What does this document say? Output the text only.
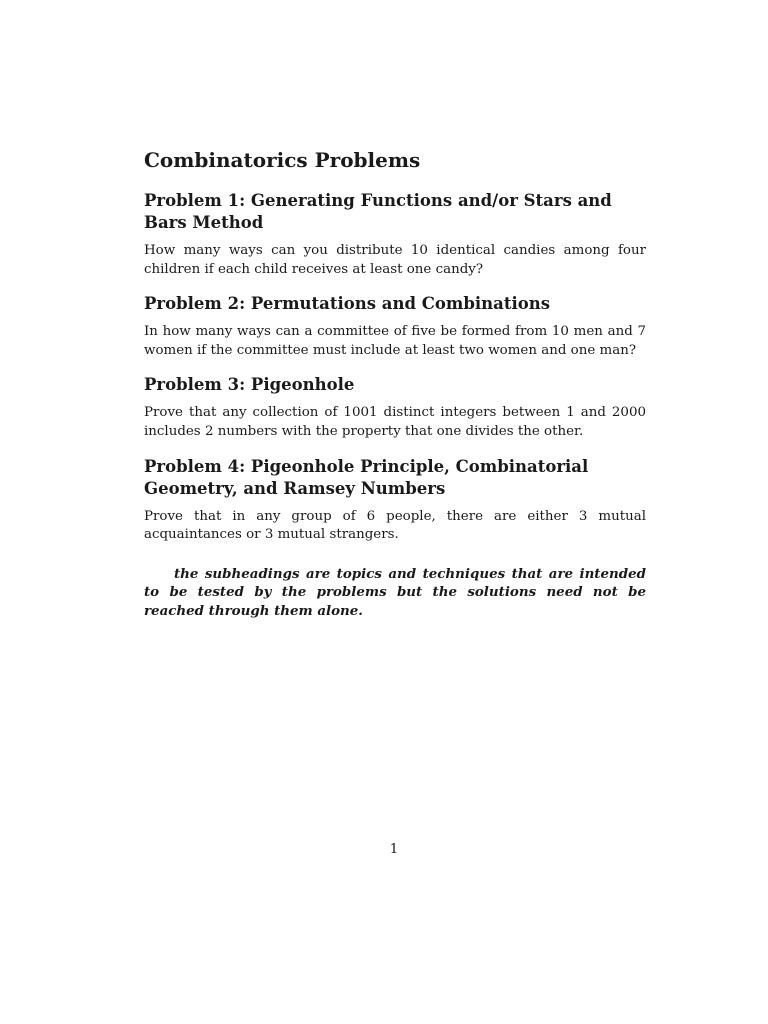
Combinatorics Problems
Problem 1: Generating Functions and/or Stars and Bars Method

How many ways can you distribute 10 identical candies among four children if each child receives at least one candy?

Problem 2: Permutations and Combinations

In how many ways can a committee of five be formed from 10 men and 7 women if the committee must include at least two women and one man?

Problem 3: Pigeonhole

Prove that any collection of 1001 distinct integers between 1 and 2000 includes 2 numbers with the property that one divides the other.

Problem 4: Pigeonhole Principle, Combinatorial Geometry, and Ramsey Numbers

Prove that in any group of 6 people, there are either 3 mutual acquaintances or 3 mutual strangers.

the subheadings are topics and techniques that are intended to be tested by the problems but the solutions need not be reached through them alone.

1
